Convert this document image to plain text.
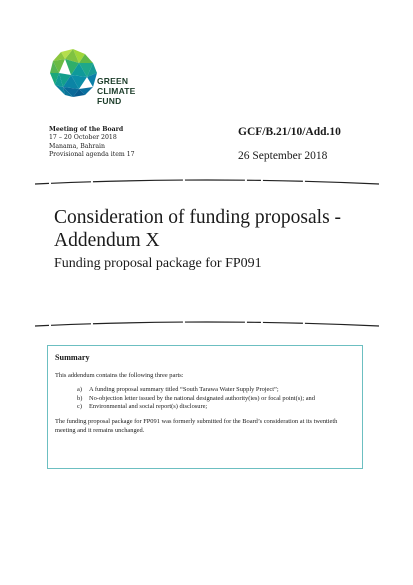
GREEN
CLIMATE
FUND
Meeting of the Board
17 – 20 October 2018
Manama, Bahrain
Provisional agenda item 17
GCF/B.21/10/Add.10
26 September 2018
Consideration of funding proposals - Addendum X
Funding proposal package for FP091
Summary
This addendum contains the following three parts:
a) A funding proposal summary titled “South Tarawa Water Supply Project”;
b) No-objection letter issued by the national designated authority(ies) or focal point(s); and
c) Environmental and social report(s) disclosure;
The funding proposal package for FP091 was formerly submitted for the Board’s consideration at its twentieth meeting and it remains unchanged.
